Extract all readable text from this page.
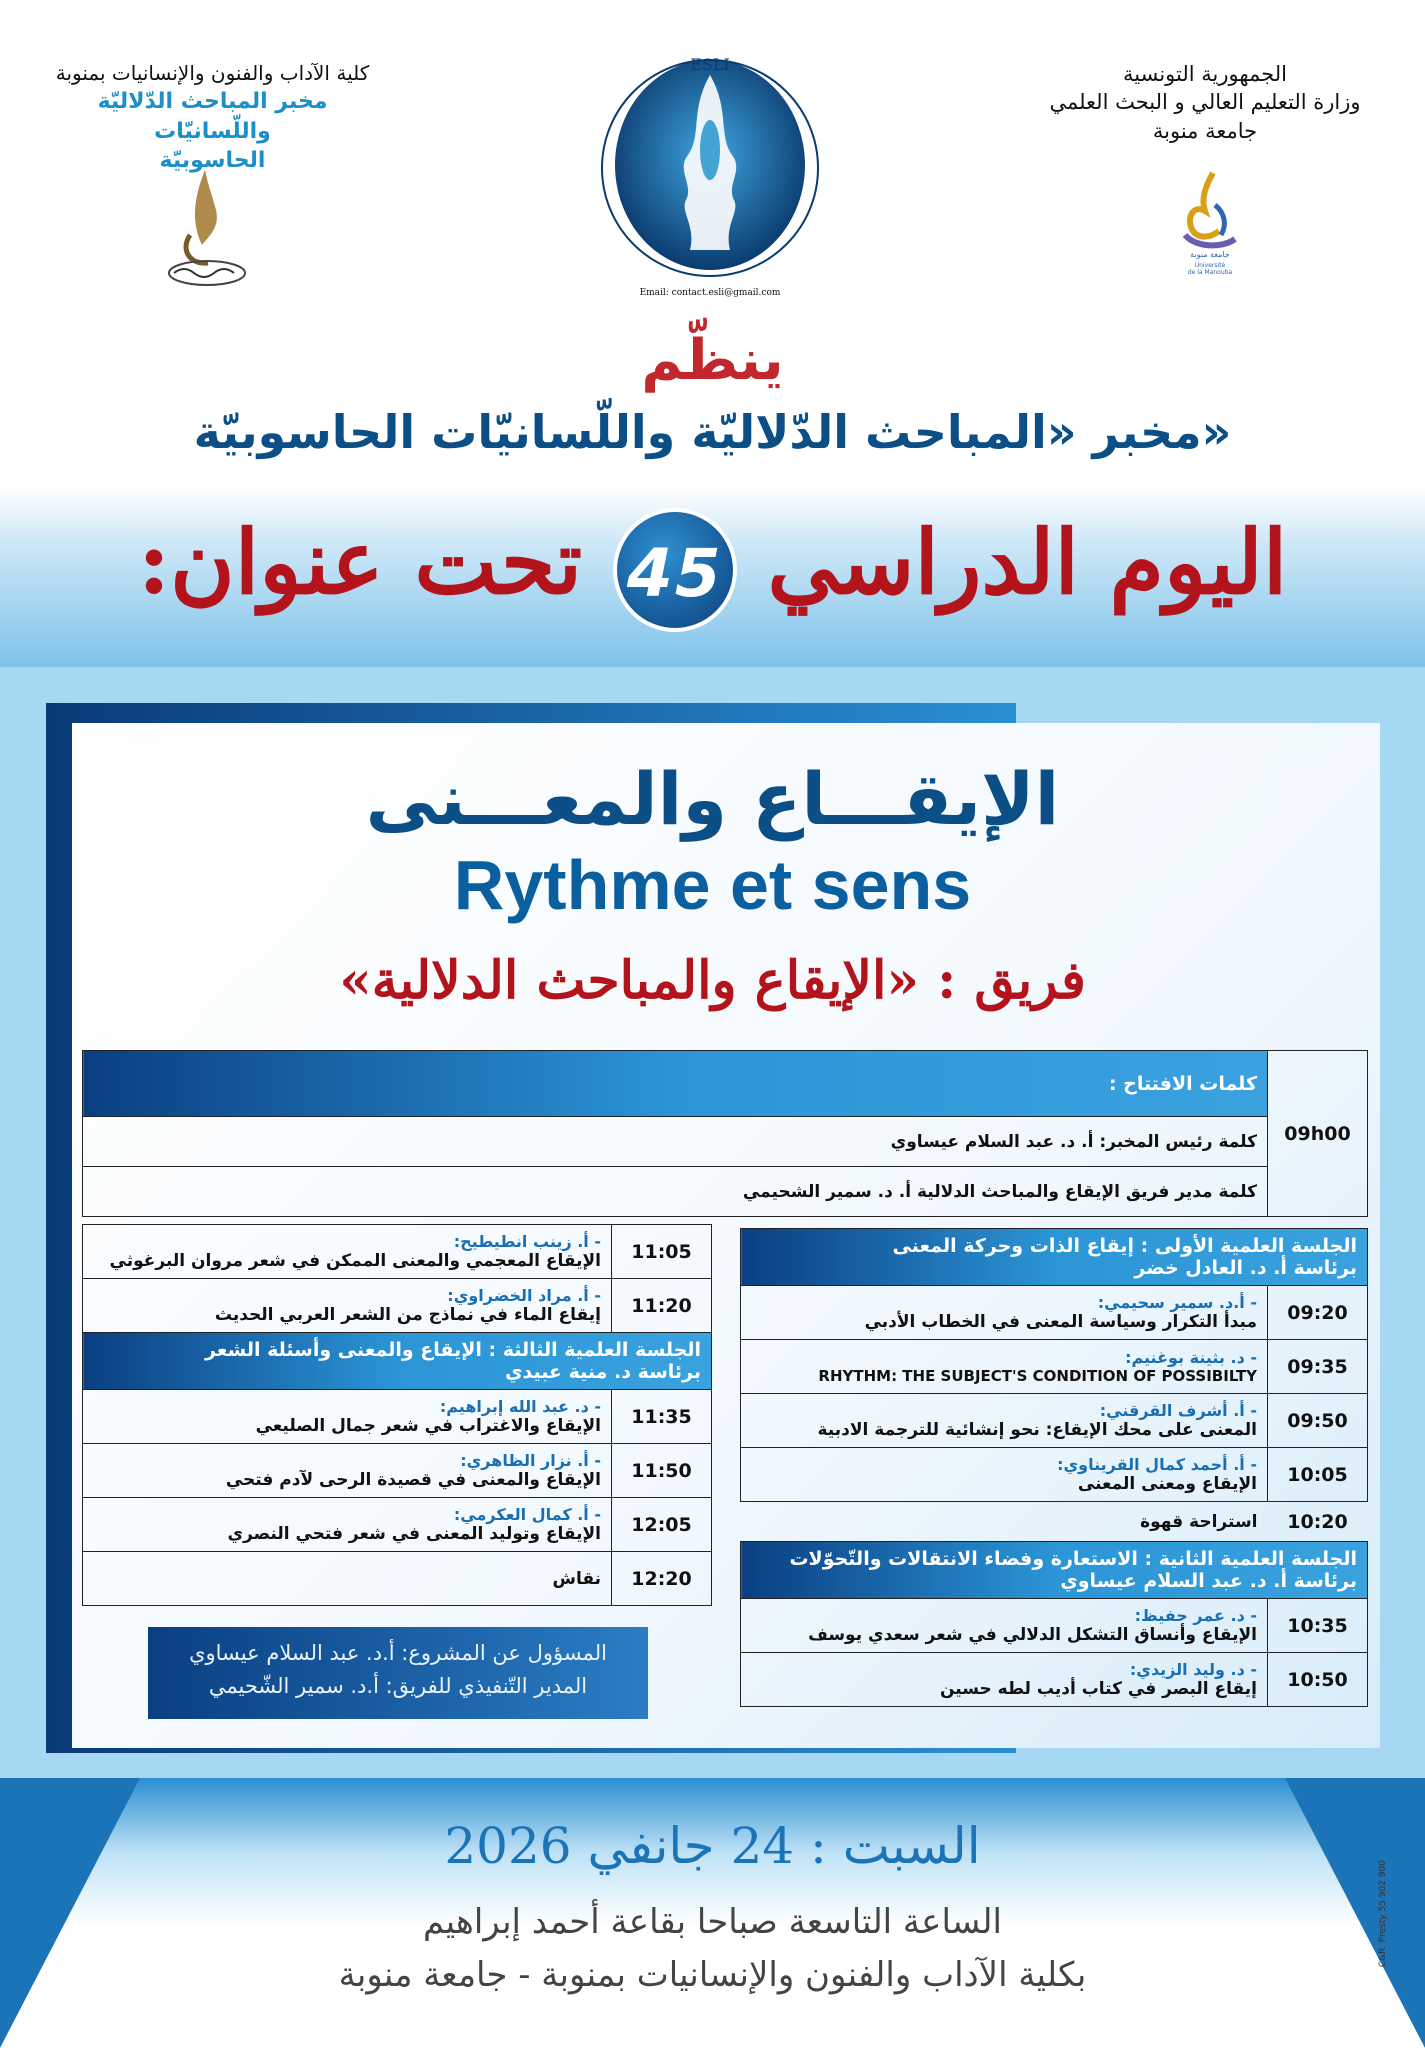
الجمهورية التونسية
وزارة التعليم العالي و البحث العلمي
جامعة منوبة
جامعة منوبة
Université
de la Manouba
كلية الآداب والفنون والإنسانيات بمنوبة
مخبر المباحث الدّلاليّة واللّسانيّات
الحاسوبيّة
ESLI
Email: contact.esli@gmail.com
ينظّم
مخبر «المباحث الدّلاليّة واللّسانيّات الحاسوبيّة»
اليوم الدراسي 45 تحت عنوان:
الإيقـــاع والمعـــنى
Rythme et sens
فريق : «الإيقاع والمباحث الدلالية»
09h00	كلمات الافتتاح :
كلمة رئيس المخبر: أ. د. عبد السلام عيساوي
كلمة مدير فريق الإيقاع والمباحث الدلالية أ. د. سمير الشحيمي
الجلسة العلمية الأولى : إيقاع الذات وحركة المعنى
برئاسة أ. د. العادل خضر	

09:20	- أ.د. سمير سحيمي:
مبدأ التكرار وسياسة المعنى في الخطاب الأدبي

09:35	- د. بثينة بوغنيم:
RHYTHM: THE SUBJECT'S CONDITION OF POSSIBILTY

09:50	- أ. أشرف القرقني:
المعنى على محك الإيقاع: نحو إنشائية للترجمة الادبية

10:05	- أ. أحمد كمال القريناوي:
الإيقاع ومعنى المعنى

10:20	استراحة قهوة

الجلسة العلمية الثانية : الاستعارة وفضاء الانتقالات والتّحوّلات
برئاسة أ. د. عبد السلام عيساوي	

10:35	- د. عمر حفيظ:
الإيقاع وأنساق التشكل الدلالي في شعر سعدي يوسف

10:50	- د. وليد الزيدي:
إيقاع البصر في كتاب أديب لطه حسين
11:05	- أ. زينب انطيطيح:
الإيقاع المعجمي والمعنى الممكن في شعر مروان البرغوثي

11:20	- أ. مراد الخضراوي:
إيقاع الماء في نماذج من الشعر العربي الحديث

الجلسة العلمية الثالثة : الإيقاع والمعنى وأسئلة الشعر
برئاسة د. منية عبيدي	

11:35	- د. عبد الله إبراهيم:
الإيقاع والاغتراب في شعر جمال الصليعي

11:50	- أ. نزار الظاهري:
الإيقاع والمعنى في قصيدة الرحى لآدم فتحي

12:05	- أ. كمال العكرمي:
الإيقاع وتوليد المعنى في شعر فتحي النصري

12:20	نقاش
المسؤول عن المشروع: أ.د. عبد السلام عيساوي
المدير التّنفيذي للفريق: أ.د. سمير الشّحيمي
السبت : 24 جانفي 2026
الساعة التاسعة صباحا بقاعة أحمد إبراهيم
بكلية الآداب والفنون والإنسانيات بمنوبة - جامعة منوبة
C&R. Presty 55 902 900
